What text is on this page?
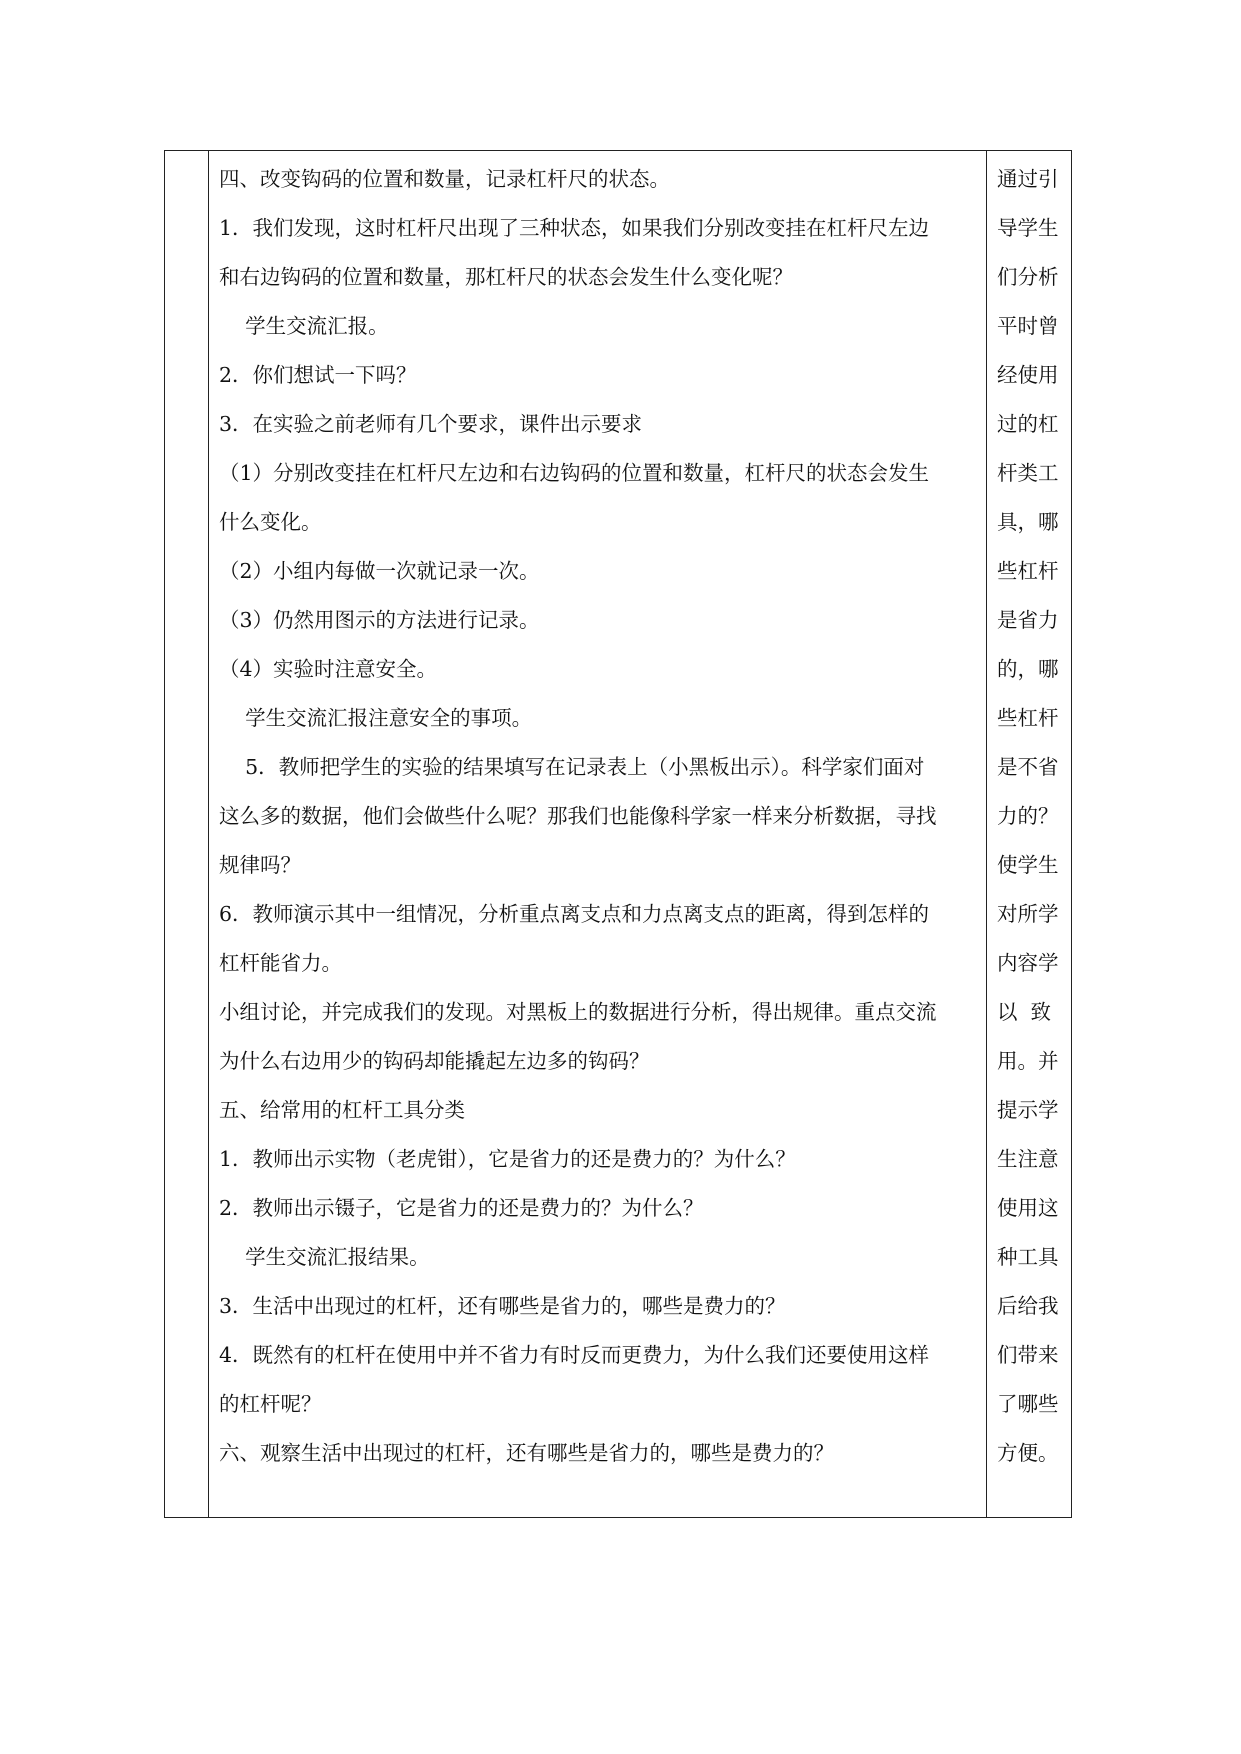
四、改变钩码的位置和数量，记录杠杆尺的状态。

1．我们发现，这时杠杆尺出现了三种状态，如果我们分别改变挂在杠杆尺左边

和右边钩码的位置和数量，那杠杆尺的状态会发生什么变化呢？

学生交流汇报。

2．你们想试一下吗？

3．在实验之前老师有几个要求，课件出示要求

（1）分别改变挂在杠杆尺左边和右边钩码的位置和数量，杠杆尺的状态会发生

什么变化。

（2）小组内每做一次就记录一次。

（3）仍然用图示的方法进行记录。

（4）实验时注意安全。

学生交流汇报注意安全的事项。

5．教师把学生的实验的结果填写在记录表上（小黑板出示）。科学家们面对

这么多的数据，他们会做些什么呢？那我们也能像科学家一样来分析数据，寻找

规律吗？

6．教师演示其中一组情况，分析重点离支点和力点离支点的距离，得到怎样的

杠杆能省力。

小组讨论，并完成我们的发现。对黑板上的数据进行分析，得出规律。重点交流

为什么右边用少的钩码却能撬起左边多的钩码？

五、给常用的杠杆工具分类

1．教师出示实物（老虎钳），它是省力的还是费力的？为什么？

2．教师出示镊子，它是省力的还是费力的？为什么？

学生交流汇报结果。

3．生活中出现过的杠杆，还有哪些是省力的，哪些是费力的？

4．既然有的杠杆在使用中并不省力有时反而更费力，为什么我们还要使用这样

的杠杆呢？

六、观察生活中出现过的杠杆，还有哪些是省力的，哪些是费力的？

通过引

导学生

们分析

平时曾

经使用

过的杠

杆类工

具，哪

些杠杆

是省力

的，哪

些杠杆

是不省

力的？

使学生

对所学

内容学

以  致

用。并

提示学

生注意

使用这

种工具

后给我

们带来

了哪些

方便。
